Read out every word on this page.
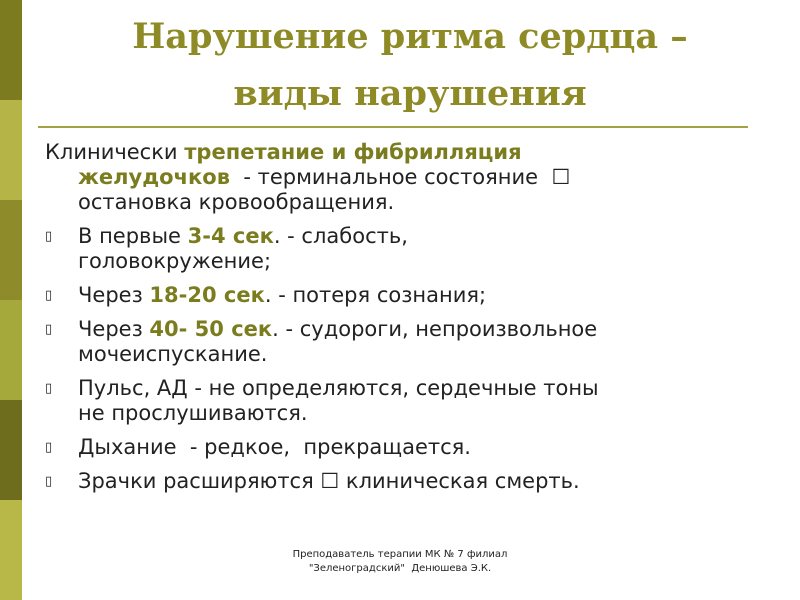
Нарушение ритма сердца –
виды нарушения
Клинически трепетание и фибрилляция
желудочков  - терминальное состояние  ☐
остановка кровообращения.
▯	В первые 3-4 сек. - слабость,
головокружение;
▯	Через 18-20 сек. - потеря сознания;
▯	Через 40- 50 сек. - судороги, непроизвольное
мочеиспускание.
▯	Пульс, АД - не определяются, сердечные тоны
не прослушиваются.
▯	Дыхание  - редкое,  прекращается.
▯	Зрачки расширяются ☐ клиническая смерть.
Преподаватель терапии МК № 7 филиал
"Зеленоградский"  Денюшева Э.К.
